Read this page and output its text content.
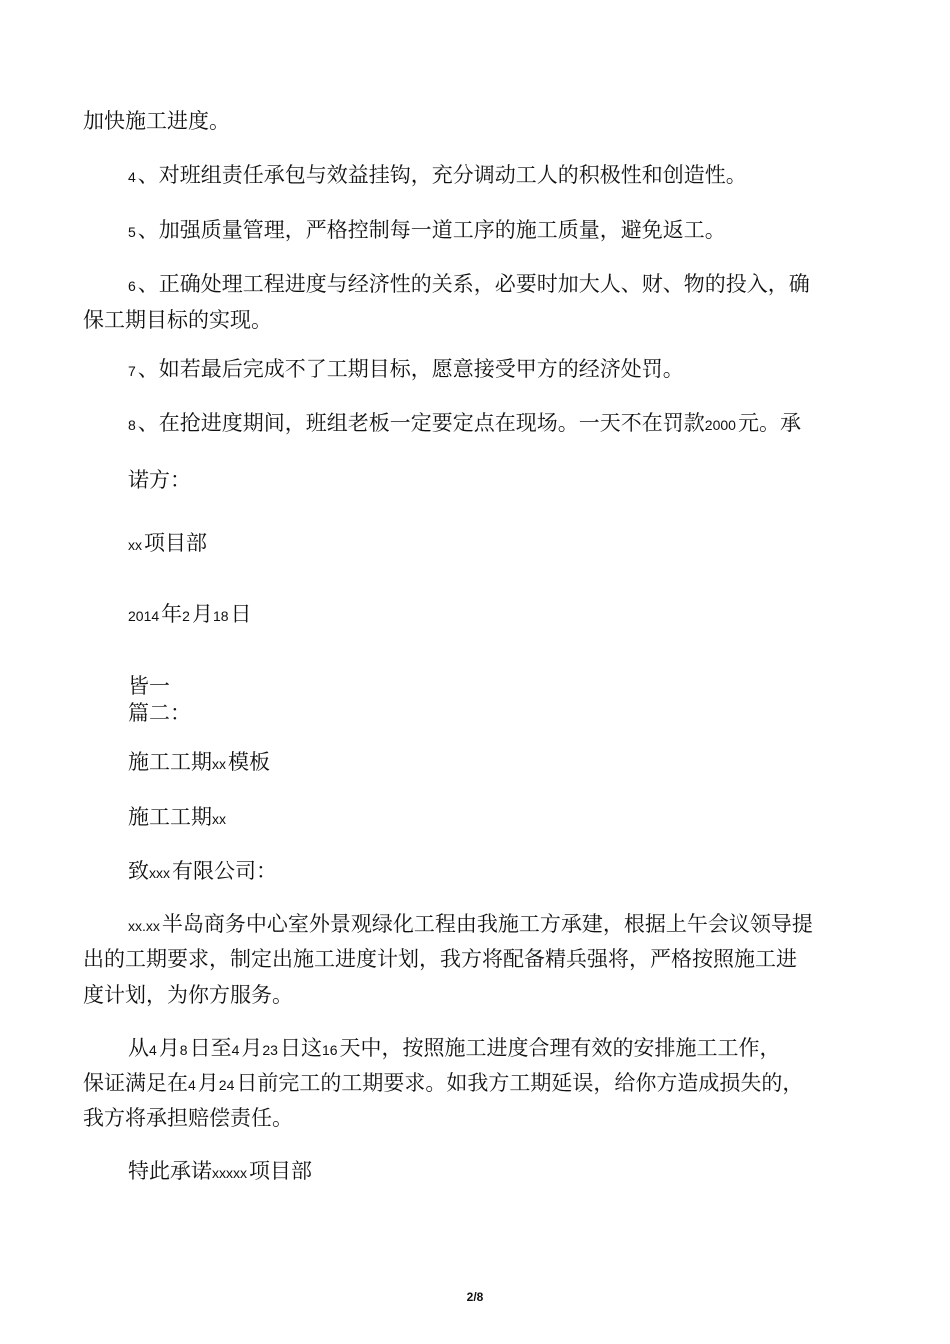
加快施工进度。
4、对班组责任承包与效益挂钩，充分调动工人的积极性和创造性。
5、加强质量管理，严格控制每一道工序的施工质量，避免返工。
6、正确处理工程进度与经济性的关系，必要时加大人、财、物的投入，确
保工期目标的实现。
7、如若最后完成不了工期目标，愿意接受甲方的经济处罚。
8、在抢进度期间，班组老板一定要定点在现场。一天不在罚款2000元。承
诺方：
xx项目部
2014年2月18日
皆一
篇二：
施工工期xx模板
施工工期xx
致xxx有限公司：
xx.xx半岛商务中心室外景观绿化工程由我施工方承建，根据上午会议领导提
出的工期要求，制定出施工进度计划，我方将配备精兵强将，严格按照施工进
度计划，为你方服务。
从4月8日至4月23日这16天中，按照施工进度合理有效的安排施工工作，
保证满足在4月24日前完工的工期要求。如我方工期延误，给你方造成损失的，
我方将承担赔偿责任。
特此承诺xxxxx项目部
2/8
